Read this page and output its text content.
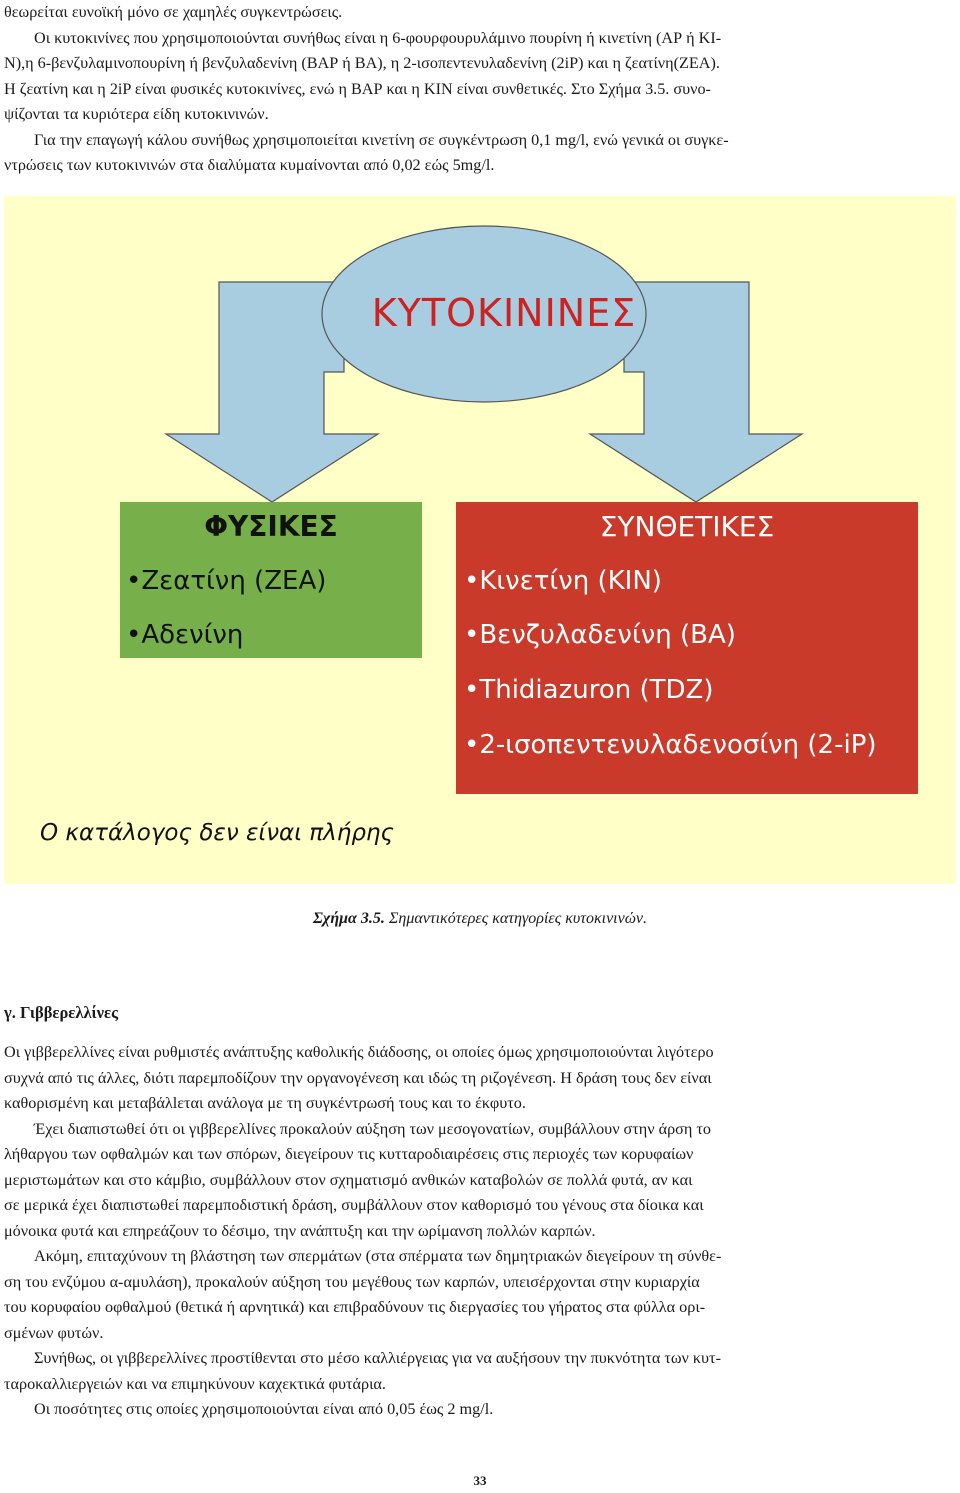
θεωρείται ευνοϊκή μόνο σε χαμηλές συγκεντρώσεις.
Οι κυτοκινίνες που χρησιμοποιούνται συνήθως είναι η 6-φουρφουρυλάμινο πουρίνη ή κινετίνη (ΑΡ ή ΚΙ-
Ν),η 6-βενζυλαμινοπουρίνη ή βενζυλαδενίνη (ΒΑΡ ή ΒΑ), η 2-ισοπεντενυλαδενίνη (2iP) και η ζεατίνη(ΖΕΑ).
Η ζεατίνη και η 2iP είναι φυσικές κυτοκινίνες, ενώ η ΒΑΡ και η ΚΙΝ είναι συνθετικές. Στο Σχήμα 3.5. συνο-
ψίζονται τα κυριότερα είδη κυτοκινινών.
Για την επαγωγή κάλου συνήθως χρησιμοποιείται κινετίνη σε συγκέντρωση 0,1 mg/l, ενώ γενικά οι συγκε-
ντρώσεις των κυτοκινινών στα διαλύματα κυμαίνονται από 0,02 εώς 5mg/l.
ΚΥΤΟΚΙΝΙΝΕΣ
ΦΥΣΙΚΕΣ
•Ζεατίνη (ΖΕΑ)
•Αδενίνη
ΣΥΝΘΕΤΙΚΕΣ
•Κινετίνη (ΚΙΝ)
•Βενζυλαδενίνη (ΒΑ)
•Thidiazuron (TDZ)
•2-ισοπεντενυλαδενοσίνη (2-iP)
Ο κατάλογος δεν είναι πλήρης
Σχήμα 3.5. Σημαντικότερες κατηγορίες κυτοκινινών.
γ. Γιββερελλίνες
Οι γιββερελλίνες είναι ρυθμιστές ανάπτυξης καθολικής διάδοσης, οι οποίες όμως χρησιμοποιούνται λιγότερο
συχνά από τις άλλες, διότι παρεμποδίζουν την οργανογένεση και ιδώς τη ριζογένεση. Η δράση τους δεν είναι
καθορισμένη και μεταβάλlεται ανάλογα με τη συγκέντρωσή τους και το έκφυτο.
Έχει διαπιστωθεί ότι οι γιββερελlίνες προκαλούν αύξηση των μεσογονατίων, συμβάλλουν στην άρση το
λήθαργου των οφθαλμών και των σπόρων, διεγείρουν τις κυτταροδιαιρέσεις στις περιοχές των κορυφαίων
μεριστωμάτων και στο κάμβιο, συμβάλλουν στον σχηματισμό ανθικών καταβολών σε πολλά φυτά, αν και
σε μερικά έχει διαπιστωθεί παρεμποδιστική δράση, συμβάλλουν στον καθορισμό του γένους στα δίοικα και
μόνοικα φυτά και επηρεάζουν το δέσιμο, την ανάπτυξη και την ωρίμανση πολλών καρπών.
Ακόμη, επιταχύνουν τη βλάστηση των σπερμάτων (στα σπέρματα των δημητριακών διεγείρουν τη σύνθε-
ση του ενζύμου α-αμυλάση), προκαλούν αύξηση του μεγέθους των καρπών, υπεισέρχονται στην κυριαρχία
του κορυφαίου οφθαλμού (θετικά ή αρνητικά) και επιβραδύνουν τις διεργασίες του γήρατος στα φύλλα ορι-
σμένων φυτών.
Συνήθως, οι γιββερελλίνες προστίθενται στο μέσο καλλιέργειας για να αυξήσουν την πυκνότητα των κυτ-
ταροκαλλιεργειών και να επιμηκύνουν καχεκτικά φυτάρια.
Οι ποσότητες στις οποίες χρησιμοποιούνται είναι από 0,05 έως 2 mg/l.
33
